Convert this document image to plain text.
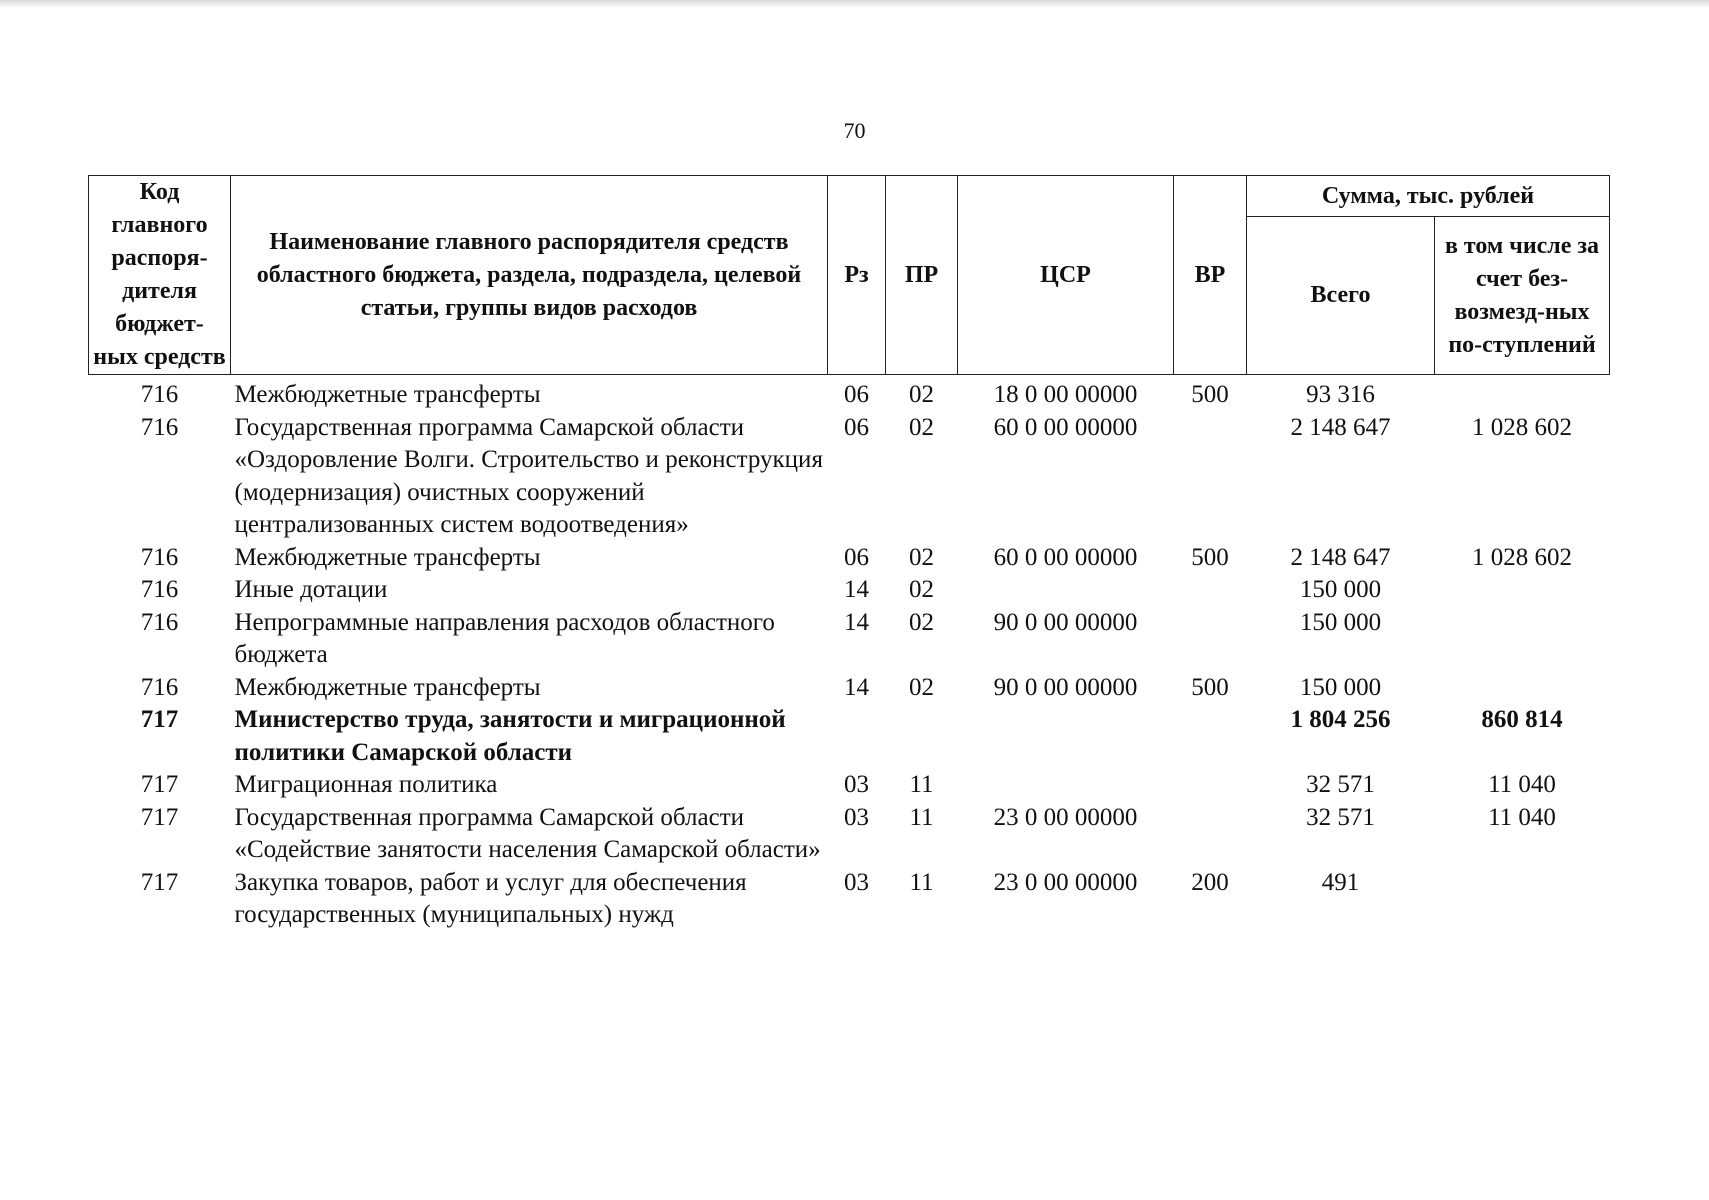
70
Код главного распоря-дителя бюджет-ных средств	Наименование главного распорядителя средств областного бюджета, раздела, подраздела, целевой статьи, группы видов расходов	Рз	ПР	ЦСР	ВР	Сумма, тыс. рублей	
						Всего	в том числе за счет без-возмезд-ных по-ступлений
716	Межбюджетные трансферты	06	02	18 0 00 00000	500	93 316	
716	Государственная программа Самарской области «Оздоровление Волги. Строительство и реконструкция (модернизация) очистных сооружений централизованных систем водоотведения»	06	02	60 0 00 00000		2 148 647	1 028 602
716	Межбюджетные трансферты	06	02	60 0 00 00000	500	2 148 647	1 028 602
716	Иные дотации	14	02			150 000	
716	Непрограммные направления расходов областного бюджета	14	02	90 0 00 00000		150 000	
716	Межбюджетные трансферты	14	02	90 0 00 00000	500	150 000	
717	Министерство труда, занятости и миграционной политики Самарской области					1 804 256	860 814
717	Миграционная политика	03	11			32 571	11 040
717	Государственная программа Самарской области «Содействие занятости населения Самарской области»	03	11	23 0 00 00000		32 571	11 040
717	Закупка товаров, работ и услуг для обеспечения государственных (муниципальных) нужд	03	11	23 0 00 00000	200	491	
